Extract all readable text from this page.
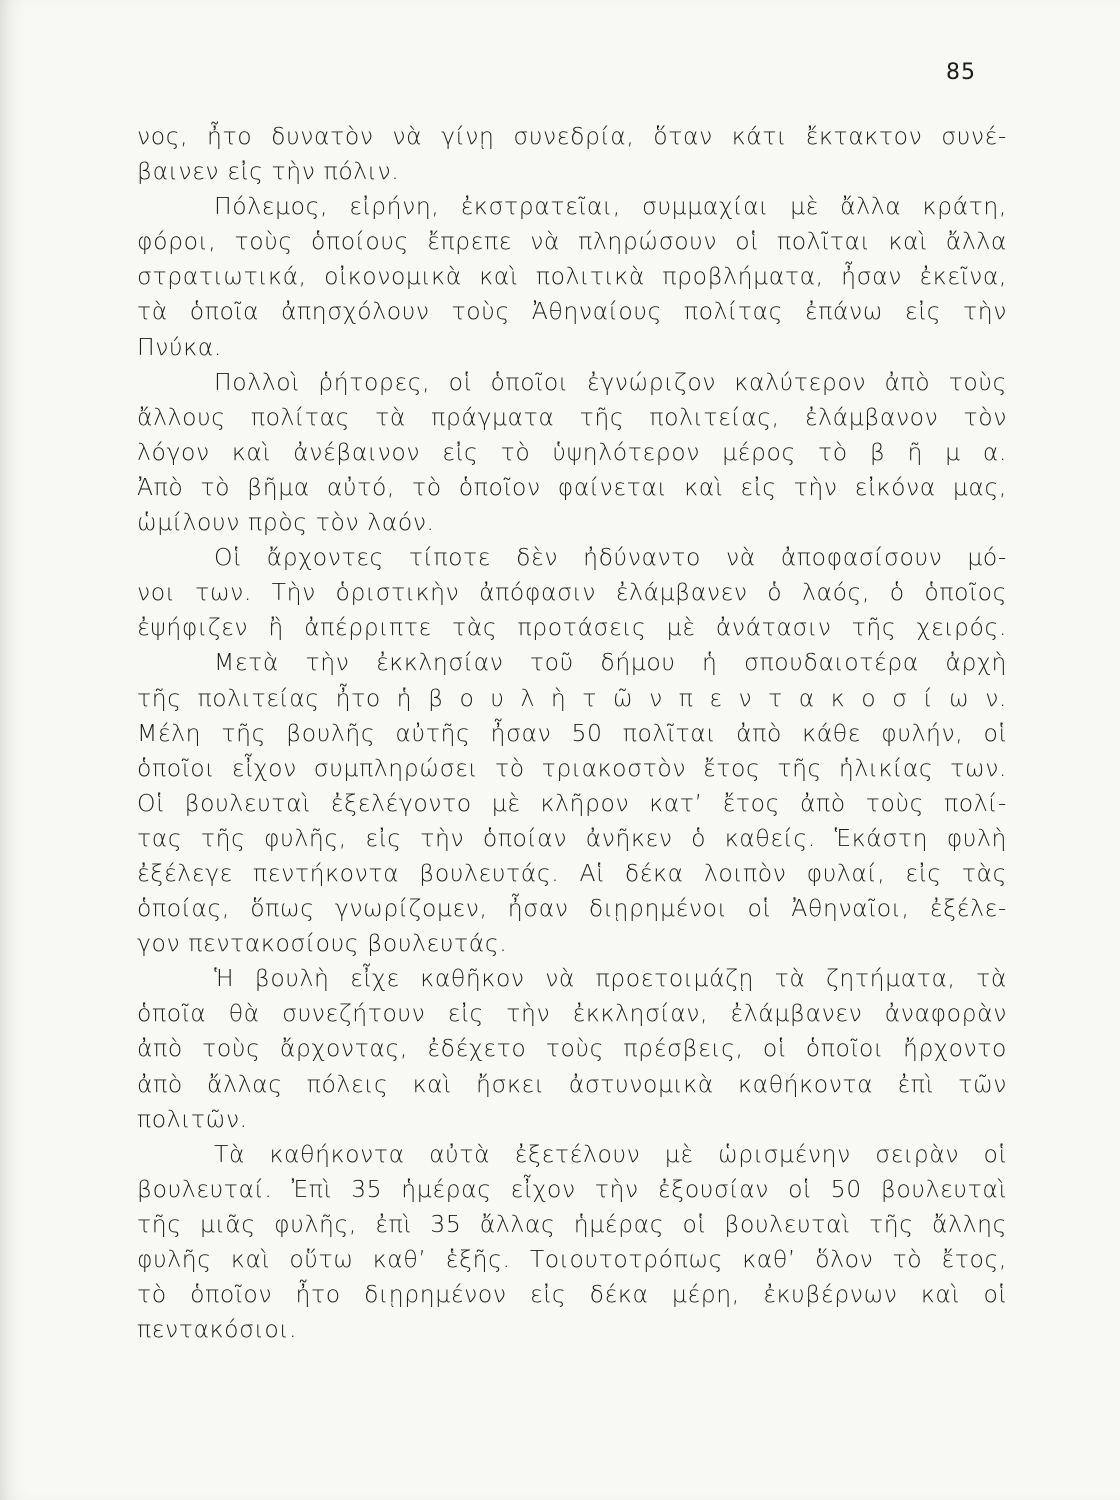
85
νος, ἦτο δυνατὸν νὰ γίνῃ συνεδρία, ὅταν κάτι ἔκτακτον συνέ-
βαινεν εἰς τὴν πόλιν.
Πόλεμος, εἰρήνη, ἐκστρατεῖαι, συμμαχίαι μὲ ἄλλα κράτη,
φόροι, τοὺς ὁποίους ἔπρεπε νὰ πληρώσουν οἱ πολῖται καὶ ἄλλα
στρατιωτικά, οἰκονομικὰ καὶ πολιτικὰ προβλήματα, ἦσαν ἐκεῖνα,
τὰ ὁποῖα ἀπησχόλουν τοὺς Ἀθηναίους πολίτας ἐπάνω εἰς τὴν
Πνύκα.
Πολλοὶ ῥήτορες, οἱ ὁποῖοι ἐγνώριζον καλύτερον ἀπὸ τοὺς
ἄλλους πολίτας τὰ πράγματα τῆς πολιτείας, ἐλάμβανον τὸν
λόγον καὶ ἀνέβαινον εἰς τὸ ὑψηλότερον μέρος τὸ β ῆ μ α.
Ἀπὸ τὸ βῆμα αὐτό, τὸ ὁποῖον φαίνεται καὶ εἰς τὴν εἰκόνα μας,
ὡμίλουν πρὸς τὸν λαόν.
Οἱ ἄρχοντες τίποτε δὲν ἠδύναντο νὰ ἀποφασίσουν μό-
νοι των. Τὴν ὁριστικὴν ἀπόφασιν ἐλάμβανεν ὁ λαός, ὁ ὁποῖος
ἐψήφιζεν ἢ ἀπέρριπτε τὰς προτάσεις μὲ ἀνάτασιν τῆς χειρός.
Μετὰ τὴν ἐκκλησίαν τοῦ δήμου ἡ σπουδαιοτέρα ἀρχὴ
τῆς πολιτείας ἦτο ἡ β ο υ λ ὴ τ ῶ ν π ε ν τ α κ ο σ ί ω ν.
Μέλη τῆς βουλῆς αὐτῆς ἦσαν 50 πολῖται ἀπὸ κάθε φυλήν, οἱ
ὁποῖοι εἶχον συμπληρώσει τὸ τριακοστὸν ἔτος τῆς ἡλικίας των.
Οἱ βουλευταὶ ἐξελέγοντο μὲ κλῆρον κατ’ ἔτος ἀπὸ τοὺς πολί-
τας τῆς φυλῆς, εἰς τὴν ὁποίαν ἀνῆκεν ὁ καθείς. Ἑκάστη φυλὴ
ἐξέλεγε πεντήκοντα βουλευτάς. Αἱ δέκα λοιπὸν φυλαί, εἰς τὰς
ὁποίας, ὅπως γνωρίζομεν, ἦσαν διῃρημένοι οἱ Ἀθηναῖοι, ἐξέλε-
γον πεντακοσίους βουλευτάς.
Ἡ βουλὴ εἶχε καθῆκον νὰ προετοιμάζῃ τὰ ζητήματα, τὰ
ὁποῖα θὰ συνεζήτουν εἰς τὴν ἐκκλησίαν, ἐλάμβανεν ἀναφορὰν
ἀπὸ τοὺς ἄρχοντας, ἐδέχετο τοὺς πρέσβεις, οἱ ὁποῖοι ἤρχοντο
ἀπὸ ἄλλας πόλεις καὶ ἤσκει ἀστυνομικὰ καθήκοντα ἐπὶ τῶν
πολιτῶν.
Τὰ καθήκοντα αὐτὰ ἐξετέλουν μὲ ὡρισμένην σειρὰν οἱ
βουλευταί. Ἐπὶ 35 ἡμέρας εἶχον τὴν ἐξουσίαν οἱ 50 βουλευταὶ
τῆς μιᾶς φυλῆς, ἐπὶ 35 ἄλλας ἡμέρας οἱ βουλευταὶ τῆς ἄλλης
φυλῆς καὶ οὕτω καθ’ ἑξῆς. Τοιουτοτρόπως καθ’ ὅλον τὸ ἔτος,
τὸ ὁποῖον ἦτο διῃρημένον εἰς δέκα μέρη, ἐκυβέρνων καὶ οἱ
πεντακόσιοι.
